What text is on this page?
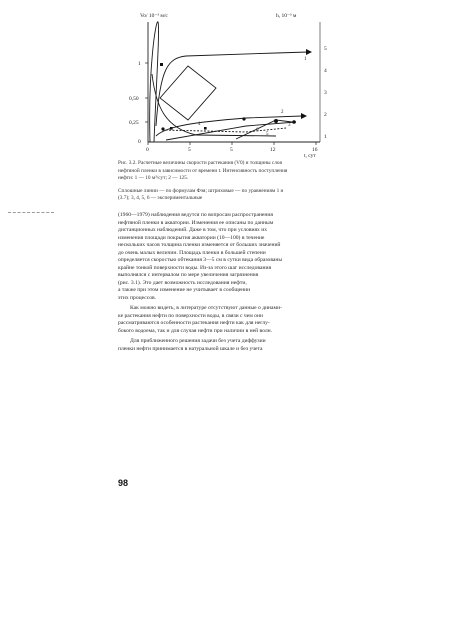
Vo/ 10⁻³ м/с	h, 10⁻³ м
1
0,50
0,25
0
0	5	5	12	16
t, сут
5
4
3
2
1
1
2
3
4
5
6
Рис. 3.2. Расчетные величины скорости растекания (V0) и толщины слоя
нефтяной пленки в зависимости от времени t. Интенсивность поступления
нефти: 1 — 10 м³/сут; 2 — 125.
Сплошные линии — по формулам Фэя; штриховые — по уравнениям 1 и
(3.7); 3, 4, 5, 6 — экспериментальные
(1960—1979) наблюдения ведутся по вопросам распространения
нефтяной пленки в акватории. Изменения ее описаны по данным
дистанционных наблюдений. Даже в том, что при условиях их
изменения площади покрытия акватории (10—100) в течение
нескольких часов толщина пленки изменяется от больших значений
до очень малых величин. Площадь пленки в большей степени
определяется скоростью обтекания 3—5 см в сутки вида образованы
крайне тонкой поверхности воды. Из-за этого шаг исследования
выполнялся с интервалом по мере увеличения загрязнения
(рис. 3.1). Это дает возможность исследования нефти,
а также при этом изменение не учитывает в сообщении
этих процессов.
Как можно видеть, в литературе отсутствуют данные о динами-
ке растекания нефти по поверхности воды, в связи с чем они
рассматриваются особенности растекания нефти как для неглу-
бокого водоема, так и для случая нефти при наличии в ней волн.
Для приближенного решения задачи без учета диффузии
пленки нефти принимается в натуральной шкале и без учета
98
